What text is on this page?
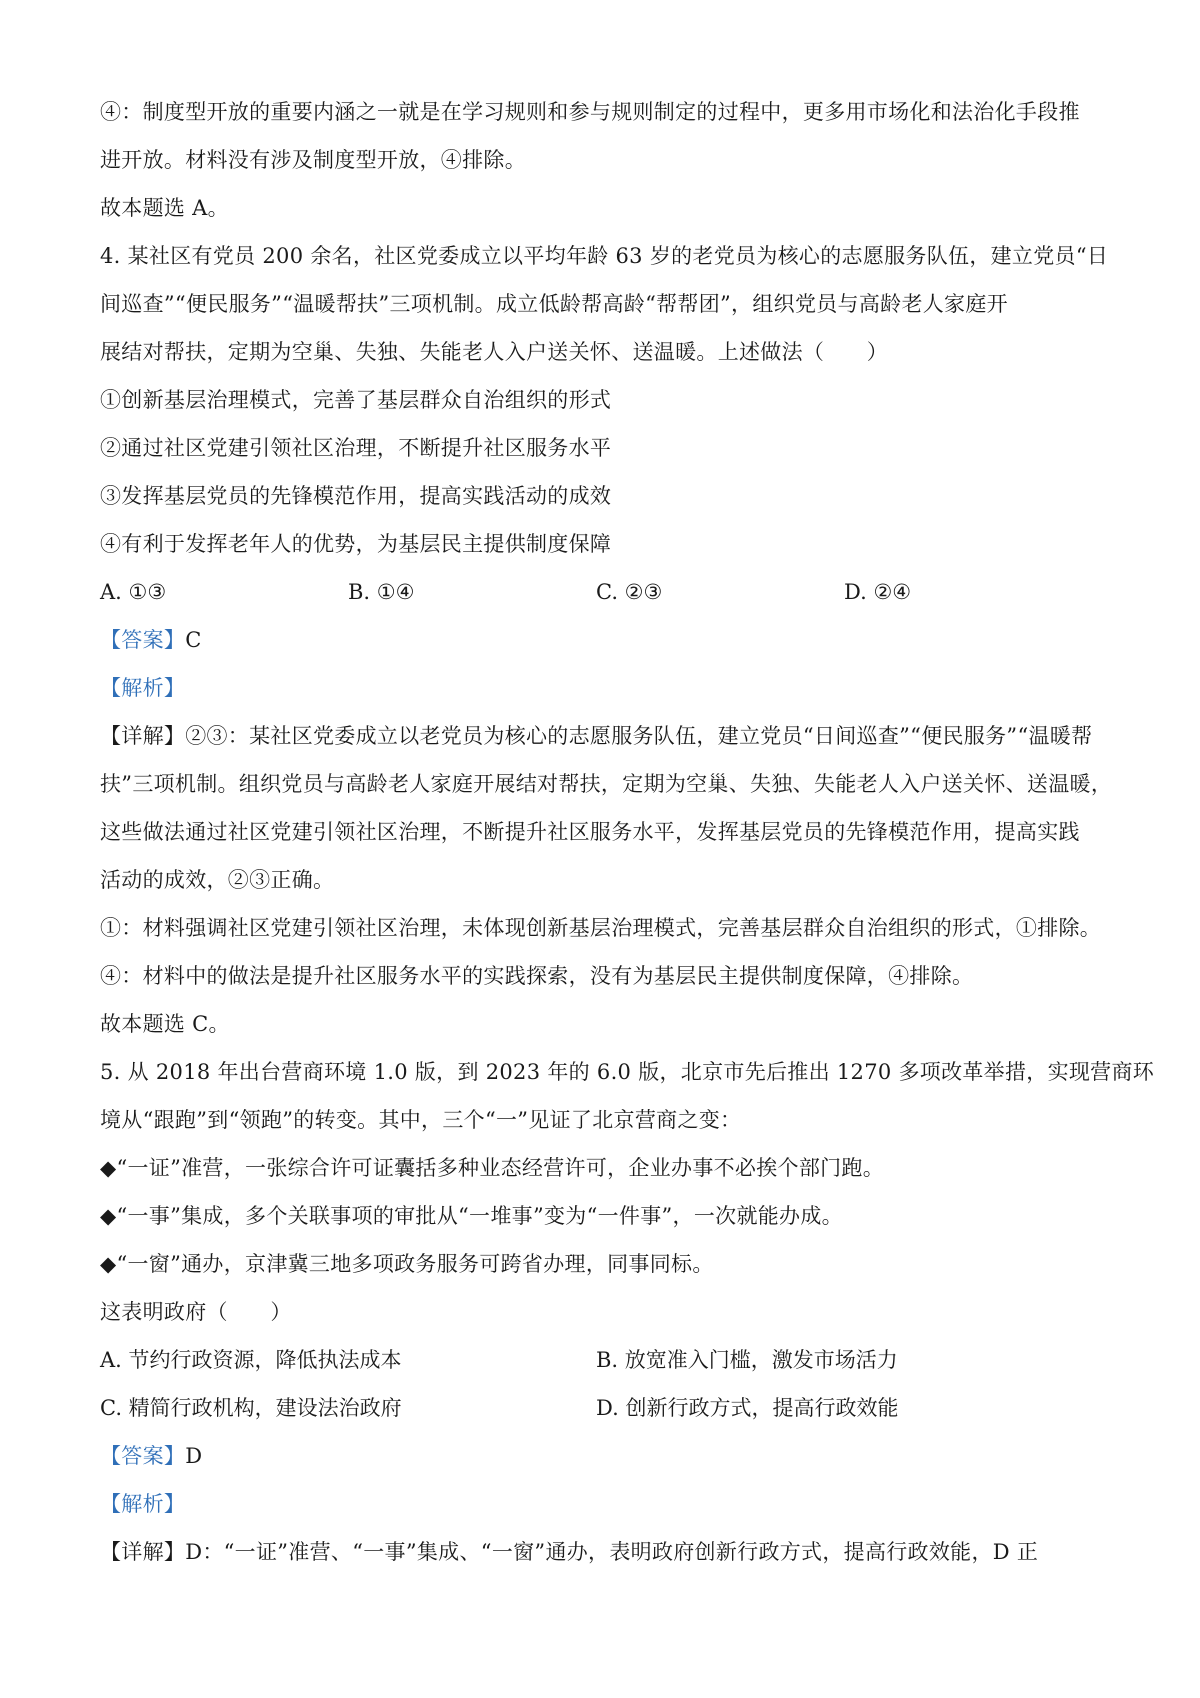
④：制度型开放的重要内涵之一就是在学习规则和参与规则制定的过程中，更多用市场化和法治化手段推
进开放。材料没有涉及制度型开放，④排除。
故本题选 A。
4. 某社区有党员 200 余名，社区党委成立以平均年龄 63 岁的老党员为核心的志愿服务队伍，建立党员“日
间巡查”“便民服务”“温暖帮扶”三项机制。成立低龄帮高龄“帮帮团”，组织党员与高龄老人家庭开
展结对帮扶，定期为空巢、失独、失能老人入户送关怀、送温暖。上述做法（　　）
①创新基层治理模式，完善了基层群众自治组织的形式
②通过社区党建引领社区治理，不断提升社区服务水平
③发挥基层党员的先锋模范作用，提高实践活动的成效
④有利于发挥老年人的优势，为基层民主提供制度保障
A. ①③	B. ①④	C. ②③	D. ②④
【答案】C
【解析】
【详解】②③：某社区党委成立以老党员为核心的志愿服务队伍，建立党员“日间巡查”“便民服务”“温暖帮
扶”三项机制。组织党员与高龄老人家庭开展结对帮扶，定期为空巢、失独、失能老人入户送关怀、送温暖，
这些做法通过社区党建引领社区治理，不断提升社区服务水平，发挥基层党员的先锋模范作用，提高实践
活动的成效，②③正确。
①：材料强调社区党建引领社区治理，未体现创新基层治理模式，完善基层群众自治组织的形式，①排除。
④：材料中的做法是提升社区服务水平的实践探索，没有为基层民主提供制度保障，④排除。
故本题选 C。
5. 从 2018 年出台营商环境 1.0 版，到 2023 年的 6.0 版，北京市先后推出 1270 多项改革举措，实现营商环
境从“跟跑”到“领跑”的转变。其中，三个“一”见证了北京营商之变：
◆“一证”准营，一张综合许可证囊括多种业态经营许可，企业办事不必挨个部门跑。
◆“一事”集成，多个关联事项的审批从“一堆事”变为“一件事”，一次就能办成。
◆“一窗”通办，京津冀三地多项政务服务可跨省办理，同事同标。
这表明政府（　　）
A. 节约行政资源，降低执法成本	B. 放宽准入门槛，激发市场活力
C. 精简行政机构，建设法治政府	D. 创新行政方式，提高行政效能
【答案】D
【解析】
【详解】D：“一证”准营、“一事”集成、“一窗”通办，表明政府创新行政方式，提高行政效能，D 正
